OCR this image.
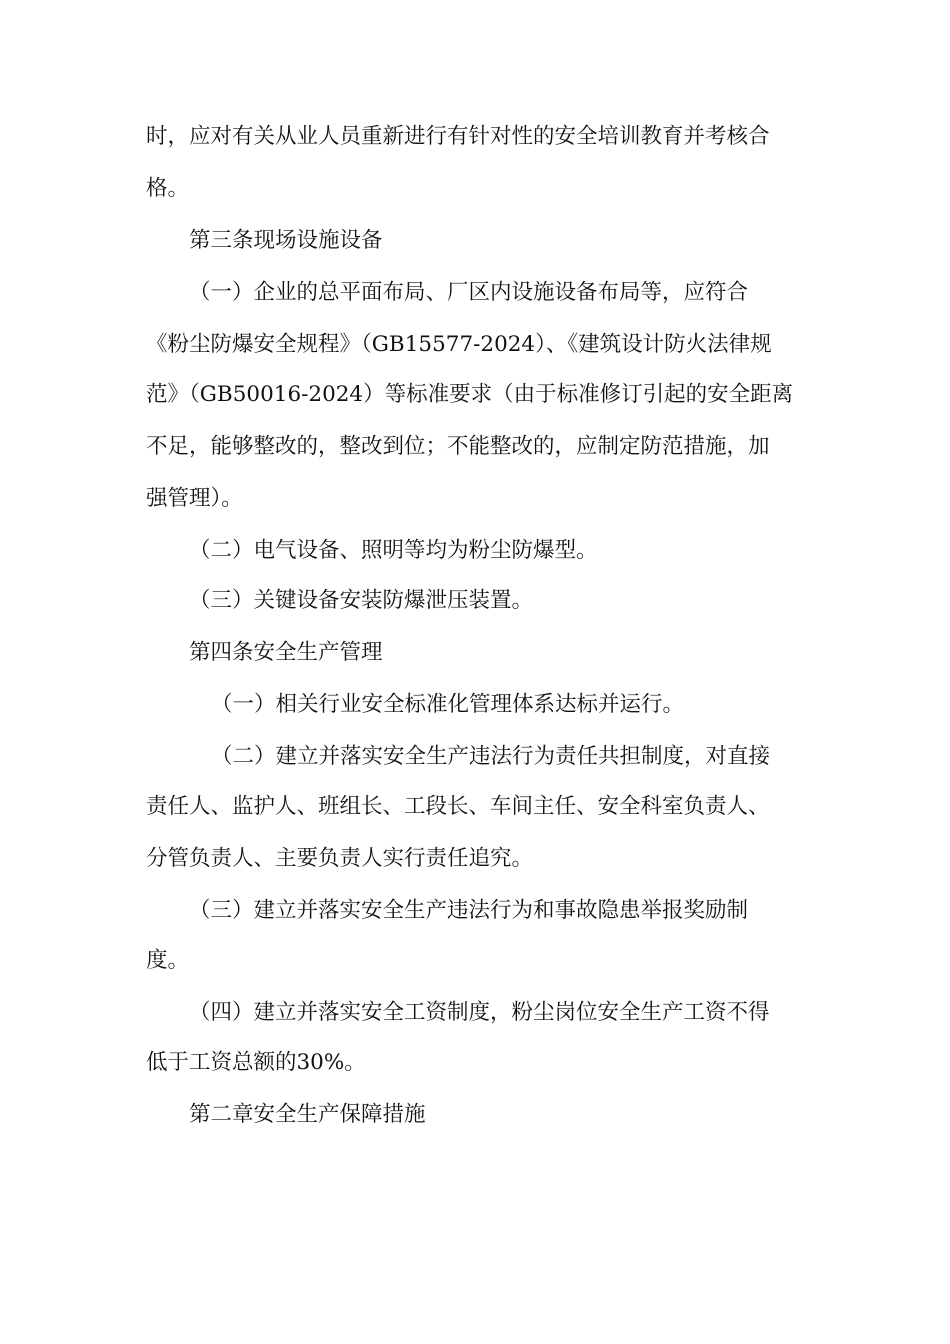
时，应对有关从业人员重新进行有针对性的安全培训教育并考核合
格。
第三条现场设施设备
（一）企业的总平面布局、厂区内设施设备布局等，应符合
《粉尘防爆安全规程》（GB15577-2024）、《建筑设计防火法律规
范》（GB50016-2024）等标准要求（由于标准修订引起的安全距离
不足，能够整改的，整改到位；不能整改的，应制定防范措施，加
强管理）。
（二）电气设备、照明等均为粉尘防爆型。
（三）关键设备安装防爆泄压装置。
第四条安全生产管理
（一）相关行业安全标准化管理体系达标并运行。
（二）建立并落实安全生产违法行为责任共担制度，对直接
责任人、监护人、班组长、工段长、车间主任、安全科室负责人、
分管负责人、主要负责人实行责任追究。
（三）建立并落实安全生产违法行为和事故隐患举报奖励制
度。
（四）建立并落实安全工资制度，粉尘岗位安全生产工资不得
低于工资总额的30%。
第二章安全生产保障措施
